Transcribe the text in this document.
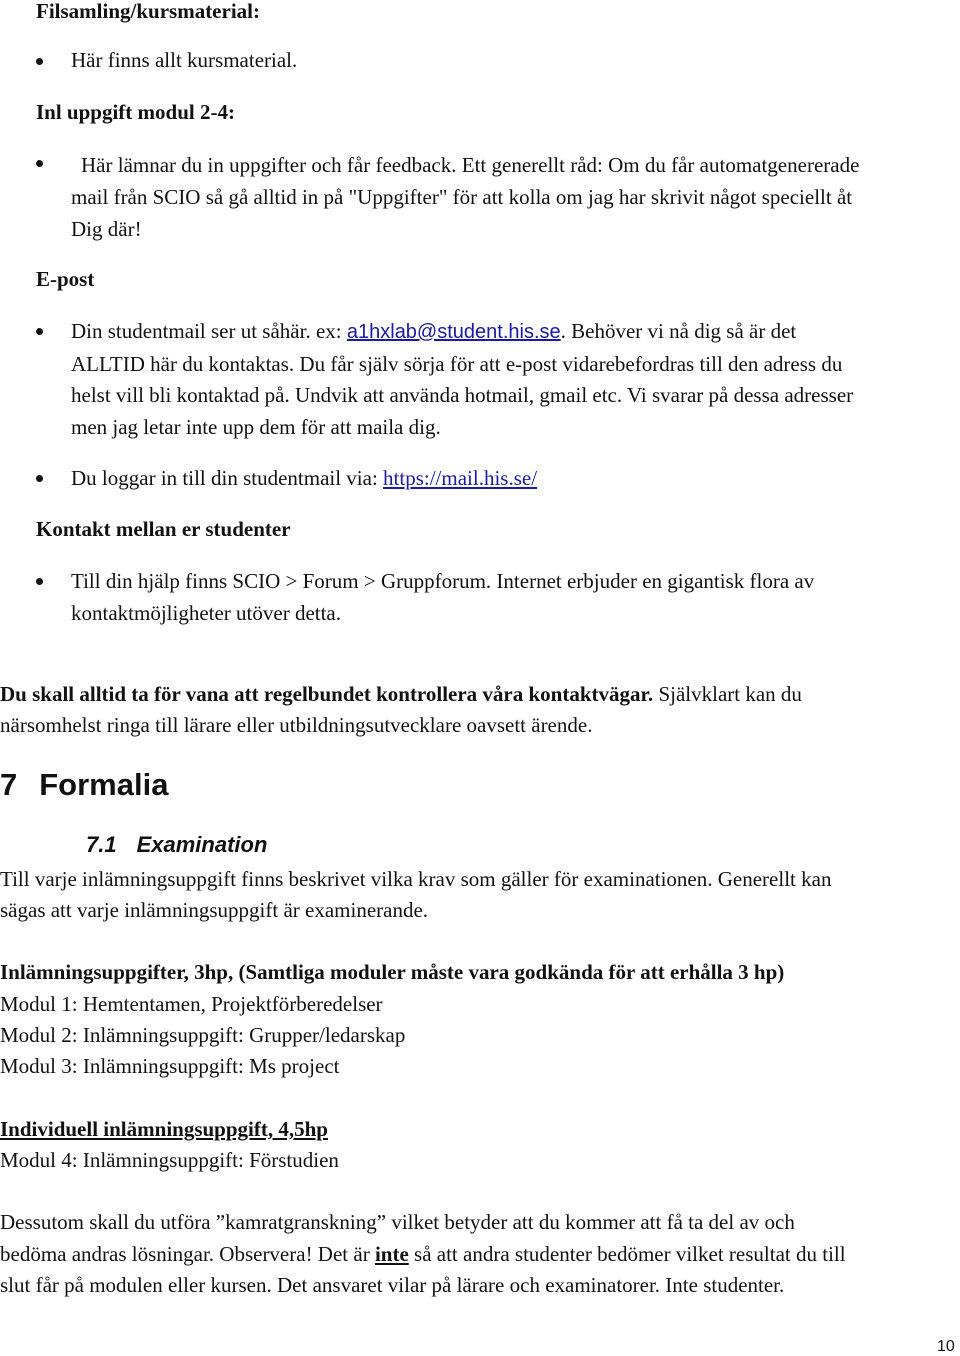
Filsamling/kursmaterial:
Här finns allt kursmaterial.
Inl uppgift modul 2-4:
Här lämnar du in uppgifter och får feedback. Ett generellt råd: Om du får automatgenererade
mail från SCIO så gå alltid in på "Uppgifter" för att kolla om jag har skrivit något speciellt åt
Dig där!
E-post
Din studentmail ser ut såhär. ex: a1hxlab@student.his.se. Behöver vi nå dig så är det
ALLTID här du kontaktas. Du får själv sörja för att e-post vidarebefordras till den adress du
helst vill bli kontaktad på. Undvik att använda hotmail, gmail etc. Vi svarar på dessa adresser
men jag letar inte upp dem för att maila dig.
Du loggar in till din studentmail via: https://mail.his.se/
Kontakt mellan er studenter
Till din hjälp finns SCIO > Forum > Gruppforum. Internet erbjuder en gigantisk flora av
kontaktmöjligheter utöver detta.
Du skall alltid ta för vana att regelbundet kontrollera våra kontaktvägar. Självklart kan du
närsomhelst ringa till lärare eller utbildningsutvecklare oavsett ärende.
7 Formalia
7.1 Examination
Till varje inlämningsuppgift finns beskrivet vilka krav som gäller för examinationen. Generellt kan
sägas att varje inlämningsuppgift är examinerande.
Inlämningsuppgifter, 3hp, (Samtliga moduler måste vara godkända för att erhålla 3 hp)
Modul 1: Hemtentamen, Projektförberedelser
Modul 2: Inlämningsuppgift: Grupper/ledarskap
Modul 3: Inlämningsuppgift: Ms project
Individuell inlämningsuppgift, 4,5hp
Modul 4: Inlämningsuppgift: Förstudien
Dessutom skall du utföra ”kamratgranskning” vilket betyder att du kommer att få ta del av och
bedöma andras lösningar. Observera! Det är inte så att andra studenter bedömer vilket resultat du till
slut får på modulen eller kursen. Det ansvaret vilar på lärare och examinatorer. Inte studenter.
10
